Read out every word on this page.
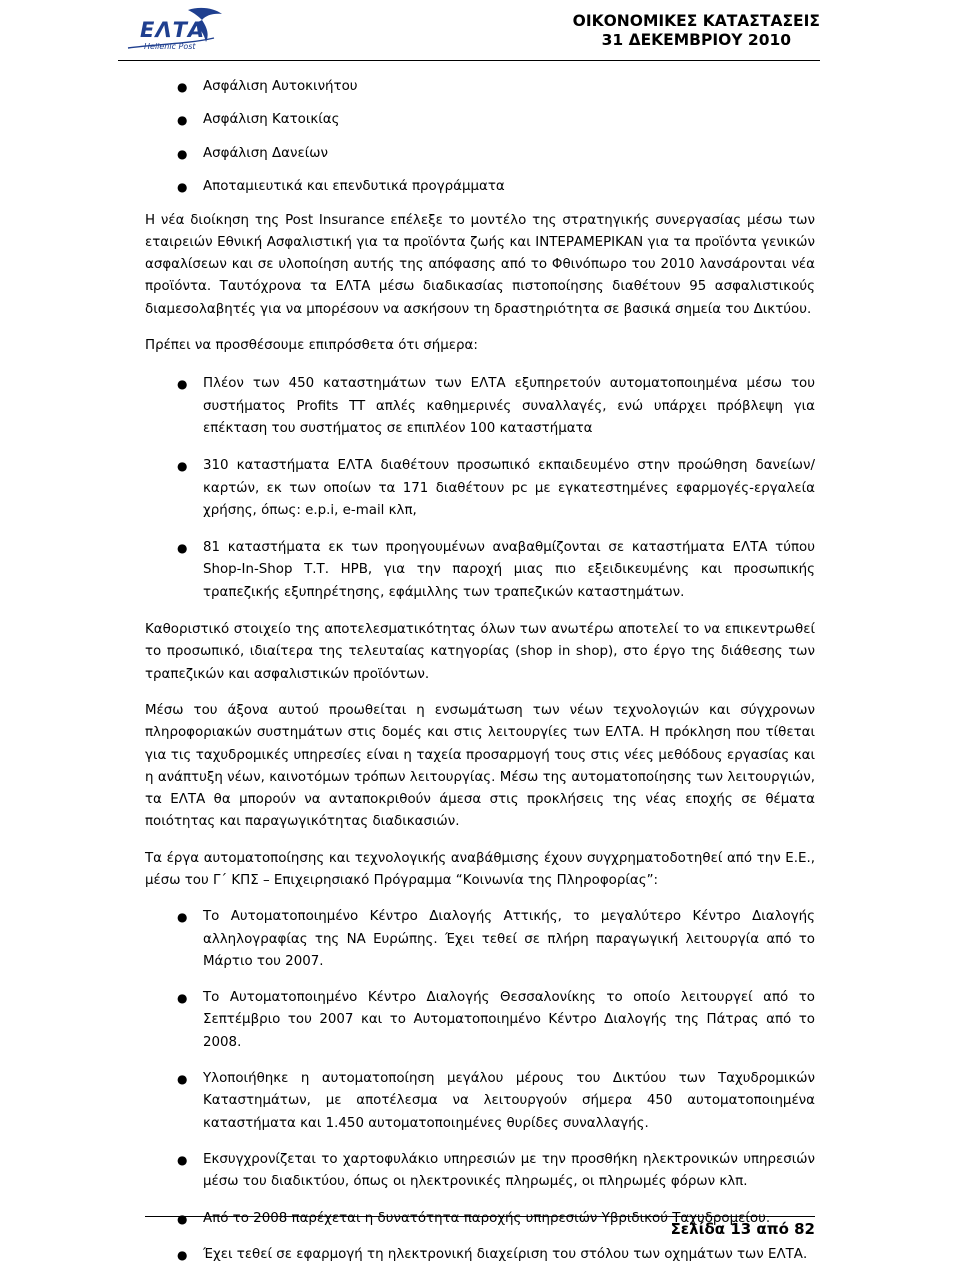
ΕΛΤΑ
Hellenic Post
ΟΙΚΟΝΟΜΙΚΕΣ ΚΑΤΑΣΤΑΣΕΙΣ
31 ΔΕΚΕΜΒΡΙΟΥ 2010
● Ασφάλιση Αυτοκινήτου
● Ασφάλιση Κατοικίας
● Ασφάλιση Δανείων
● Αποταμιευτικά και επενδυτικά προγράμματα

Η νέα διοίκηση της Post Insurance επέλεξε το μοντέλο της στρατηγικής συνεργασίας μέσω των εταιρειών Εθνική Ασφαλιστική για τα προϊόντα ζωής και ΙΝΤΕΡΑΜΕΡΙΚΑΝ για τα προϊόντα γενικών ασφαλίσεων και σε υλοποίηση αυτής της απόφασης από το Φθινόπωρο του 2010 λανσάρονται νέα προϊόντα. Ταυτόχρονα τα ΕΛΤΑ μέσω διαδικασίας πιστοποίησης διαθέτουν 95 ασφαλιστικούς διαμεσολαβητές για να μπορέσουν να ασκήσουν τη δραστηριότητα σε βασικά σημεία του Δικτύου.

Πρέπει να προσθέσουμε επιπρόσθετα ότι σήμερα:

● Πλέον των 450 καταστημάτων των ΕΛΤΑ εξυπηρετούν αυτοματοποιημένα μέσω του συστήματος Profits TT απλές καθημερινές συναλλαγές, ενώ υπάρχει πρόβλεψη για επέκταση του συστήματος σε επιπλέον 100 καταστήματα
● 310 καταστήματα ΕΛΤΑ διαθέτουν προσωπικό εκπαιδευμένο στην προώθηση δανείων/καρτών, εκ των οποίων τα 171 διαθέτουν pc με εγκατεστημένες εφαρμογές-εργαλεία χρήσης, όπως: e.p.i, e-mail κλπ,
● 81 καταστήματα εκ των προηγουμένων αναβαθμίζονται σε καταστήματα ΕΛΤΑ τύπου Shop-In-Shop Τ.Τ. ΗΡΒ, για την παροχή μιας πιο εξειδικευμένης και προσωπικής τραπεζικής εξυπηρέτησης, εφάμιλλης των τραπεζικών καταστημάτων.

Καθοριστικό στοιχείο της αποτελεσματικότητας όλων των ανωτέρω αποτελεί το να επικεντρωθεί το προσωπικό, ιδιαίτερα της τελευταίας κατηγορίας (shop in shop), στο έργο της διάθεσης των τραπεζικών και ασφαλιστικών προϊόντων.

Μέσω του άξονα αυτού προωθείται η ενσωμάτωση των νέων τεχνολογιών και σύγχρονων πληροφοριακών συστημάτων στις δομές και στις λειτουργίες των ΕΛΤΑ. Η πρόκληση που τίθεται για τις ταχυδρομικές υπηρεσίες είναι η ταχεία προσαρμογή τους στις νέες μεθόδους εργασίας και η ανάπτυξη νέων, καινοτόμων τρόπων λειτουργίας. Μέσω της αυτοματοποίησης των λειτουργιών, τα ΕΛΤΑ θα μπορούν να ανταποκριθούν άμεσα στις προκλήσεις της νέας εποχής σε θέματα ποιότητας και παραγωγικότητας διαδικασιών.

Τα έργα αυτοματοποίησης και τεχνολογικής αναβάθμισης έχουν συγχρηματοδοτηθεί από την Ε.Ε., μέσω του Γ΄ ΚΠΣ – Επιχειρησιακό Πρόγραμμα “Κοινωνία της Πληροφορίας”:

● Το Αυτοματοποιημένο Κέντρο Διαλογής Αττικής, το μεγαλύτερο Κέντρο Διαλογής αλληλογραφίας της ΝΑ Ευρώπης. Έχει τεθεί σε πλήρη παραγωγική λειτουργία από το Μάρτιο του 2007.
● Το Αυτοματοποιημένο Κέντρο Διαλογής Θεσσαλονίκης το οποίο λειτουργεί από το Σεπτέμβριο του 2007 και το Αυτοματοποιημένο Κέντρο Διαλογής της Πάτρας από το 2008.
● Υλοποιήθηκε η αυτοματοποίηση μεγάλου μέρους του Δικτύου των Ταχυδρομικών Καταστημάτων, με αποτέλεσμα να λειτουργούν σήμερα 450 αυτοματοποιημένα καταστήματα και 1.450 αυτοματοποιημένες θυρίδες συναλλαγής.
● Εκσυγχρονίζεται το χαρτοφυλάκιο υπηρεσιών με την προσθήκη ηλεκτρονικών υπηρεσιών μέσω του διαδικτύου, όπως οι ηλεκτρονικές πληρωμές, οι πληρωμές φόρων κλπ.
● Από το 2008 παρέχεται η δυνατότητα παροχής υπηρεσιών Υβριδικού Ταχυδρομείου.
● Έχει τεθεί σε εφαρμογή τη ηλεκτρονική διαχείριση του στόλου των οχημάτων των ΕΛΤΑ.
Σελίδα 13 από 82
